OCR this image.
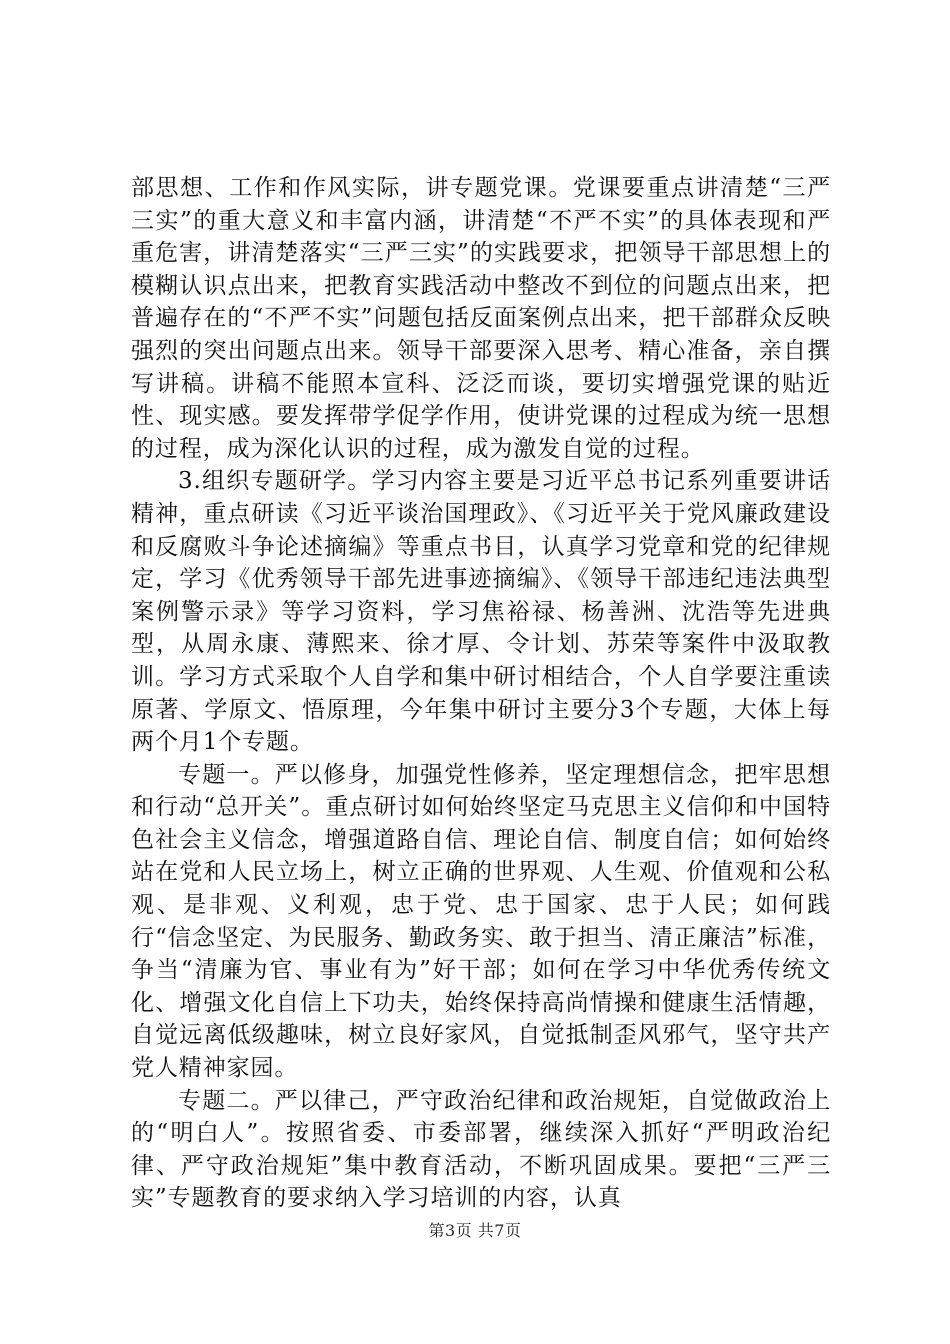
部思想、工作和作风实际，讲专题党课。党课要重点讲清楚“三严三实”的重大意义和丰富内涵，讲清楚“不严不实”的具体表现和严重危害，讲清楚落实“三严三实”的实践要求，把领导干部思想上的模糊认识点出来，把教育实践活动中整改不到位的问题点出来，把普遍存在的“不严不实”问题包括反面案例点出来，把干部群众反映强烈的突出问题点出来。领导干部要深入思考、精心准备，亲自撰写讲稿。讲稿不能照本宣科、泛泛而谈，要切实增强党课的贴近性、现实感。要发挥带学促学作用，使讲党课的过程成为统一思想的过程，成为深化认识的过程，成为激发自觉的过程。

3.组织专题研学。学习内容主要是习近平总书记系列重要讲话精神，重点研读《习近平谈治国理政》、《习近平关于党风廉政建设和反腐败斗争论述摘编》等重点书目，认真学习党章和党的纪律规定，学习《优秀领导干部先进事迹摘编》、《领导干部违纪违法典型案例警示录》等学习资料，学习焦裕禄、杨善洲、沈浩等先进典型，从周永康、薄熙来、徐才厚、令计划、苏荣等案件中汲取教训。学习方式采取个人自学和集中研讨相结合，个人自学要注重读原著、学原文、悟原理，今年集中研讨主要分3个专题，大体上每两个月1个专题。

专题一。严以修身，加强党性修养，坚定理想信念，把牢思想和行动“总开关”。重点研讨如何始终坚定马克思主义信仰和中国特色社会主义信念，增强道路自信、理论自信、制度自信；如何始终站在党和人民立场上，树立正确的世界观、人生观、价值观和公私观、是非观、义利观，忠于党、忠于国家、忠于人民；如何践行“信念坚定、为民服务、勤政务实、敢于担当、清正廉洁”标准，争当“清廉为官、事业有为”好干部；如何在学习中华优秀传统文化、增强文化自信上下功夫，始终保持高尚情操和健康生活情趣，自觉远离低级趣味，树立良好家风，自觉抵制歪风邪气，坚守共产党人精神家园。

专题二。严以律己，严守政治纪律和政治规矩，自觉做政治上的“明白人”。按照省委、市委部署，继续深入抓好“严明政治纪律、严守政治规矩”集中教育活动，不断巩固成果。要把“三严三实”专题教育的要求纳入学习培训的内容，认真

第3页 共7页
